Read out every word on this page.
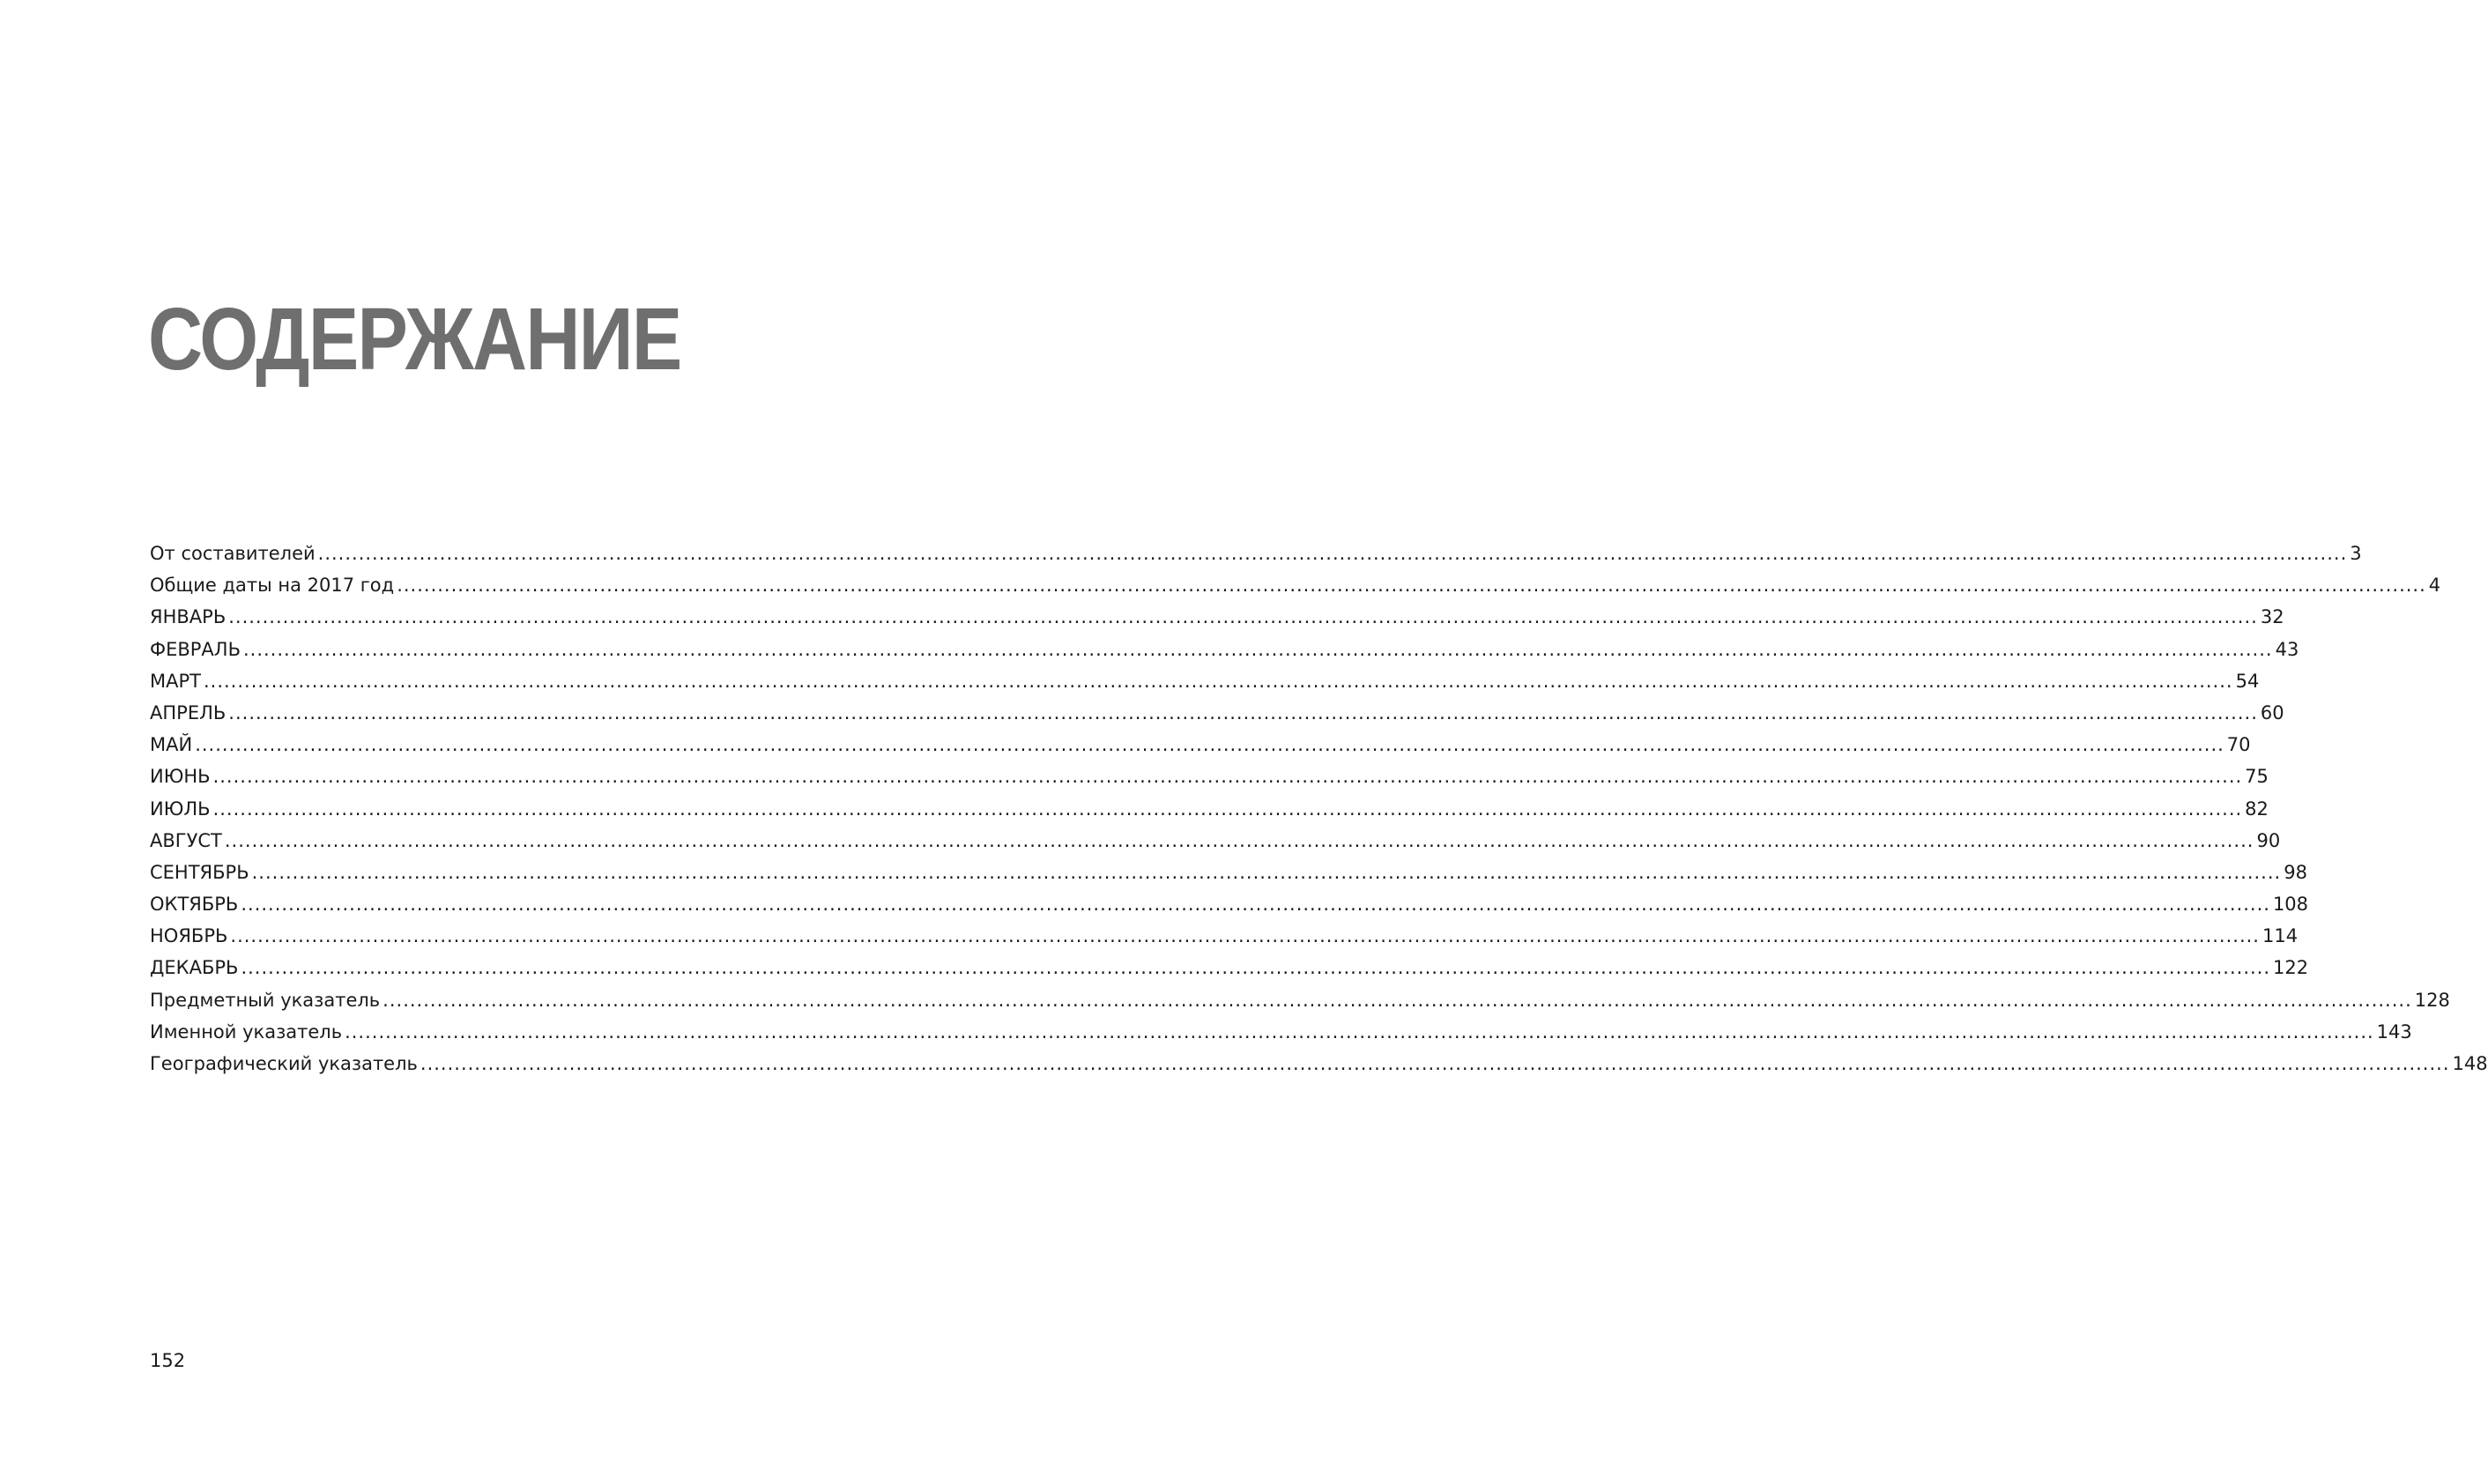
СОДЕРЖАНИЕ
От составителей ............................................................................................................................................................................................................................................................................................................ 3
Общие даты на 2017 год ............................................................................................................................................................................................................................................................................................................ 4
ЯНВАРЬ ............................................................................................................................................................................................................................................................................................................ 32
ФЕВРАЛЬ ............................................................................................................................................................................................................................................................................................................ 43
МАРТ ............................................................................................................................................................................................................................................................................................................ 54
АПРЕЛЬ ............................................................................................................................................................................................................................................................................................................ 60
МАЙ ............................................................................................................................................................................................................................................................................................................ 70
ИЮНЬ ............................................................................................................................................................................................................................................................................................................ 75
ИЮЛЬ ............................................................................................................................................................................................................................................................................................................ 82
АВГУСТ ............................................................................................................................................................................................................................................................................................................ 90
СЕНТЯБРЬ ............................................................................................................................................................................................................................................................................................................ 98
ОКТЯБРЬ ............................................................................................................................................................................................................................................................................................................ 108
НОЯБРЬ ............................................................................................................................................................................................................................................................................................................ 114
ДЕКАБРЬ ............................................................................................................................................................................................................................................................................................................ 122
Предметный указатель ............................................................................................................................................................................................................................................................................................................ 128
Именной указатель ............................................................................................................................................................................................................................................................................................................ 143
Географический указатель ............................................................................................................................................................................................................................................................................................................ 148
152
